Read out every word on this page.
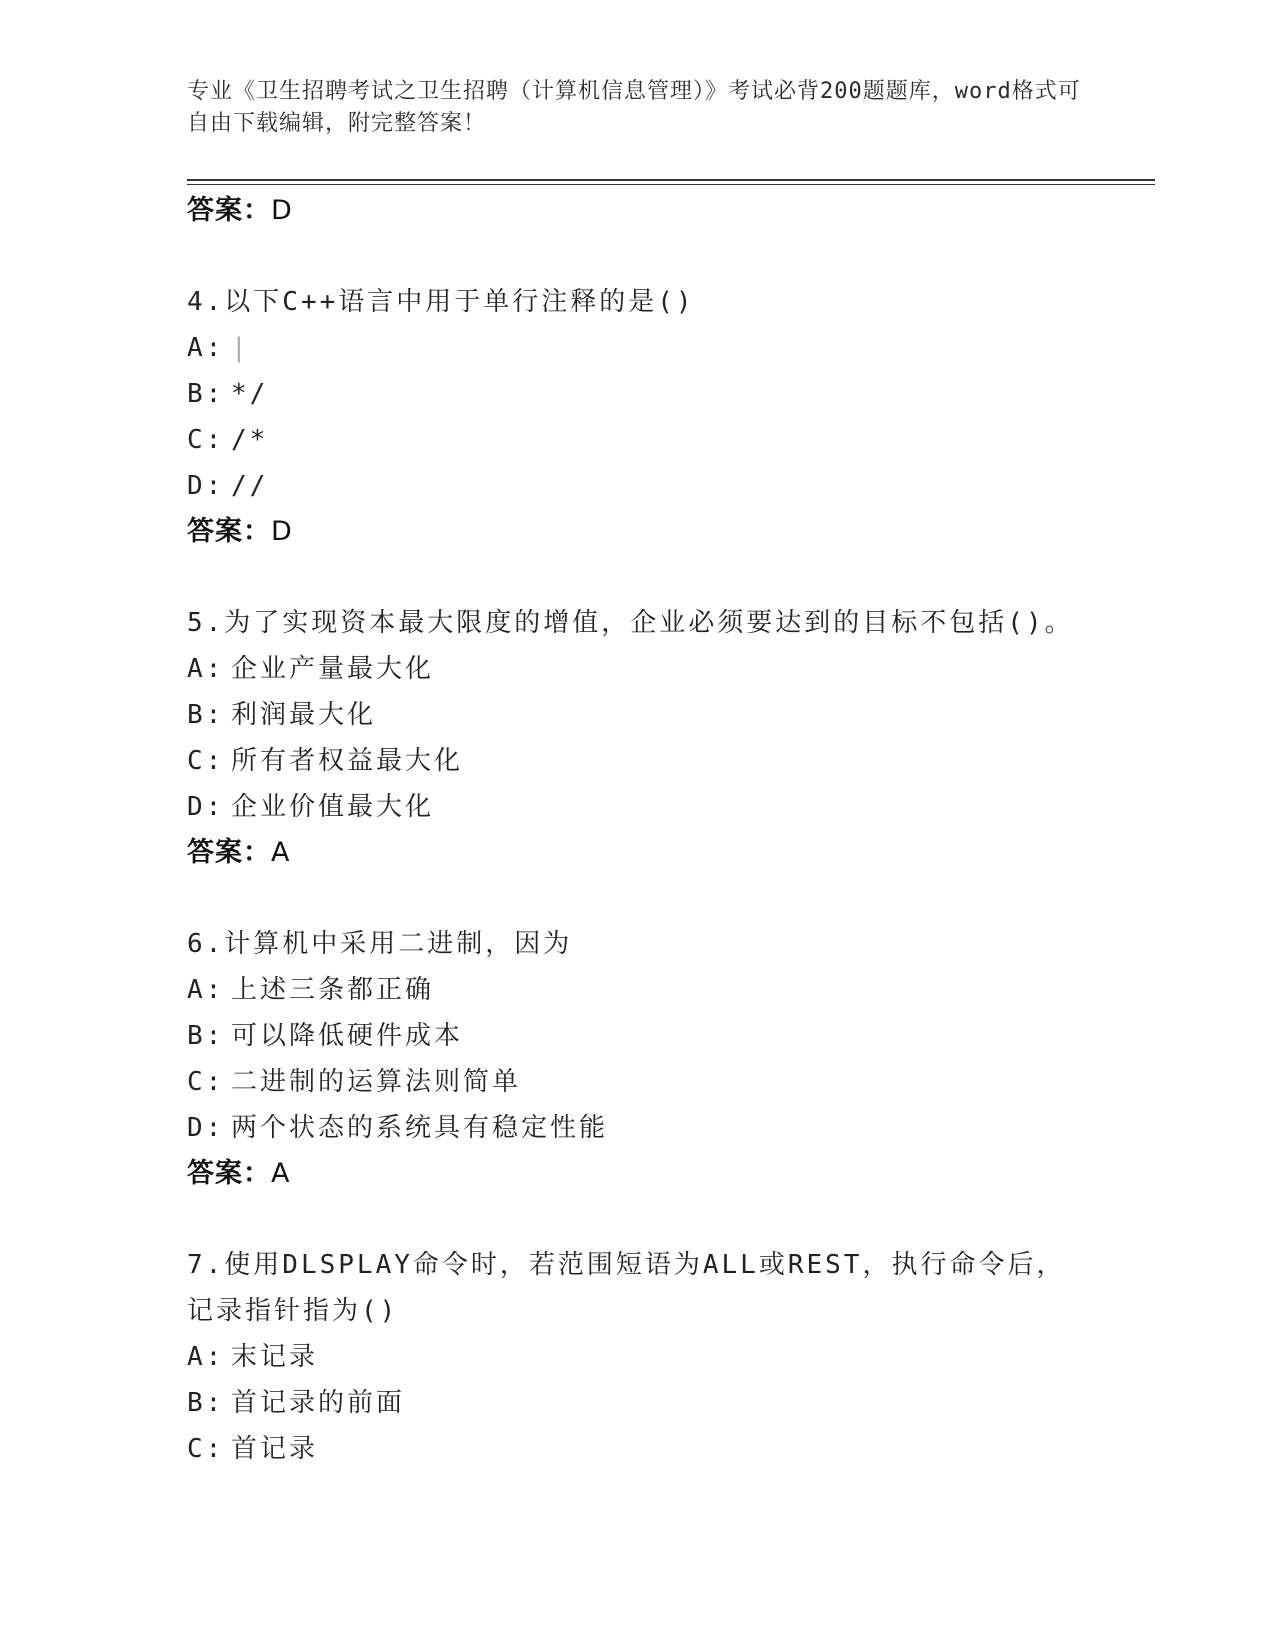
专业《卫生招聘考试之卫生招聘（计算机信息管理）》考试必背200题题库，word格式可自由下载编辑，附完整答案！
答案：D
4.以下C++语言中用于单行注释的是()
A: |
B: */
C: /*
D: //
答案：D
5.为了实现资本最大限度的增值，企业必须要达到的目标不包括()。
A: 企业产量最大化
B: 利润最大化
C: 所有者权益最大化
D: 企业价值最大化
答案：A
6.计算机中采用二进制，因为
A: 上述三条都正确
B: 可以降低硬件成本
C: 二进制的运算法则简单
D: 两个状态的系统具有稳定性能
答案：A
7.使用DLSPLAY命令时，若范围短语为ALL或REST，执行命令后，记录指针指为()
A: 末记录
B: 首记录的前面
C: 首记录
